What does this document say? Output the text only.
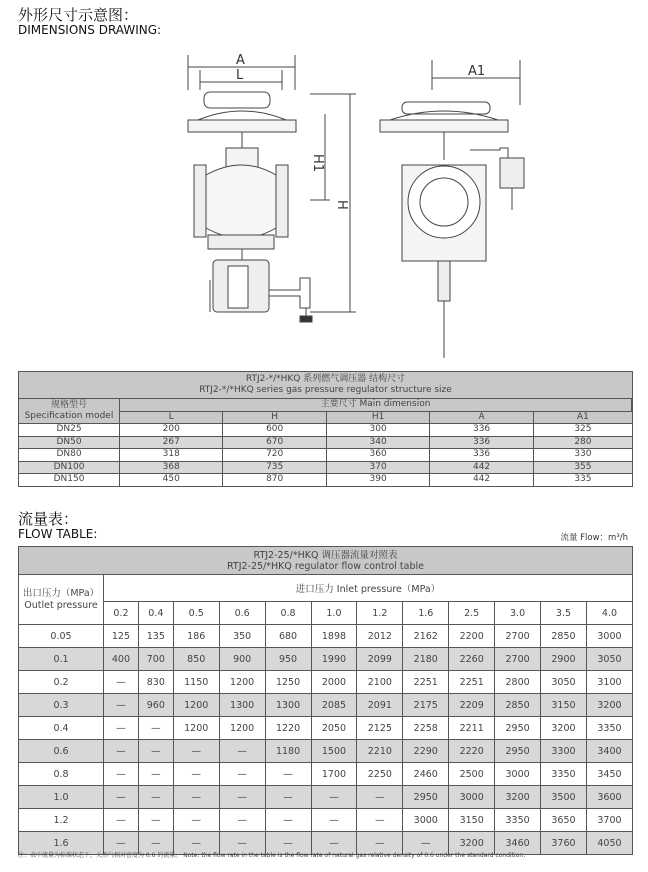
外形尺寸示意图：
DIMENSIONS DRAWING:
A
L	A1
H1
H
RTJ2-*/*HKQ 系列燃气调压器 结构尺寸
RTJ2-*/*HKQ series gas pressure regulator structure size						
规格型号
Specification model	主要尺寸 Main dimension					
	L	H	H1	A	A1	
DN25	200	600	300	336	325	
DN50	267	670	340	336	280	
DN80	318	720	360	336	330	
DN100	368	735	370	442	355	
DN150	450	870	390	442	335	
流量表：
FLOW TABLE:	流量 Flow：m³/h
RTJ2-25/*HKQ 调压器流量对照表
RTJ2-25/*HKQ regulator flow control table												
出口压力（MPa）
Outlet pressure	进口压力 Inlet pressure（MPa）											
	0.2	0.4	0.5	0.6	0.8	1.0	1.2	1.6	2.5	3.0	3.5	4.0
0.05	125	135	186	350	680	1898	2012	2162	2200	2700	2850	3000
0.1	400	700	850	900	950	1990	2099	2180	2260	2700	2900	3050
0.2	—	830	1150	1200	1250	2000	2100	2251	2251	2800	3050	3100
0.3	—	960	1200	1300	1300	2085	2091	2175	2209	2850	3150	3200
0.4	—	—	1200	1200	1220	2050	2125	2258	2211	2950	3200	3350
0.6	—	—	—	—	1180	1500	2210	2290	2220	2950	3300	3400
0.8	—	—	—	—	—	1700	2250	2460	2500	3000	3350	3450
1.0	—	—	—	—	—	—	—	2950	3000	3200	3500	3600
1.2	—	—	—	—	—	—	—	3000	3150	3350	3650	3700
1.6	—	—	—	—	—	—	—	—	3200	3460	3760	4050
注：表中流量为标准状态下，天然气相对密度为 0.6 的流量。 Note: the flow rate in the table is the flow rate of natural gas relative density of 0.6 under the standard condition.
